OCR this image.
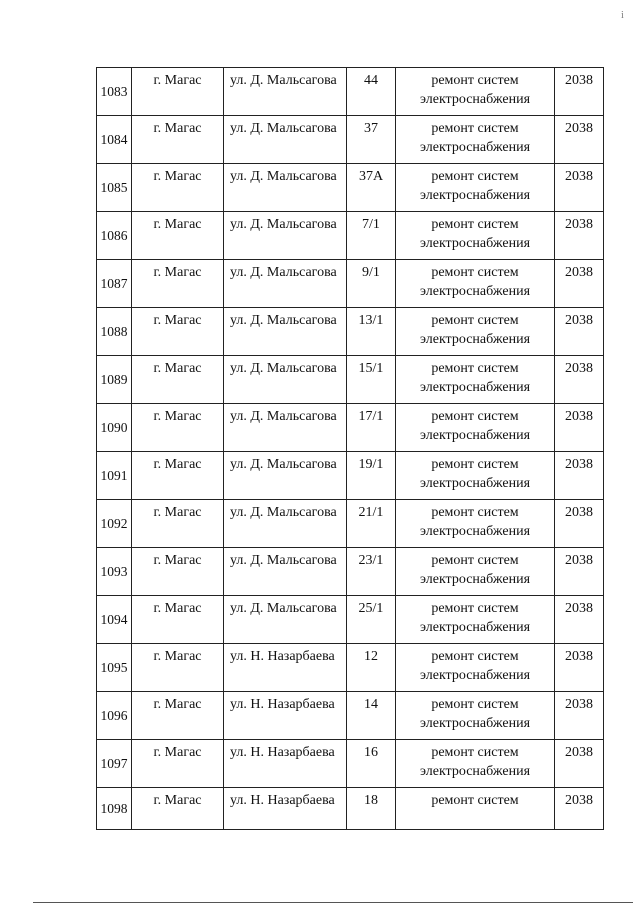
i
1083	г. Магас	ул. Д. Мальсагова	44	ремонт систем электроснабжения	2038
1084	г. Магас	ул. Д. Мальсагова	37	ремонт систем электроснабжения	2038
1085	г. Магас	ул. Д. Мальсагова	37А	ремонт систем электроснабжения	2038
1086	г. Магас	ул. Д. Мальсагова	7/1	ремонт систем электроснабжения	2038
1087	г. Магас	ул. Д. Мальсагова	9/1	ремонт систем электроснабжения	2038
1088	г. Магас	ул. Д. Мальсагова	13/1	ремонт систем электроснабжения	2038
1089	г. Магас	ул. Д. Мальсагова	15/1	ремонт систем электроснабжения	2038
1090	г. Магас	ул. Д. Мальсагова	17/1	ремонт систем электроснабжения	2038
1091	г. Магас	ул. Д. Мальсагова	19/1	ремонт систем электроснабжения	2038
1092	г. Магас	ул. Д. Мальсагова	21/1	ремонт систем электроснабжения	2038
1093	г. Магас	ул. Д. Мальсагова	23/1	ремонт систем электроснабжения	2038
1094	г. Магас	ул. Д. Мальсагова	25/1	ремонт систем электроснабжения	2038
1095	г. Магас	ул. Н. Назарбаева	12	ремонт систем электроснабжения	2038
1096	г. Магас	ул. Н. Назарбаева	14	ремонт систем электроснабжения	2038
1097	г. Магас	ул. Н. Назарбаева	16	ремонт систем электроснабжения	2038
1098	г. Магас	ул. Н. Назарбаева	18	ремонт систем	2038
